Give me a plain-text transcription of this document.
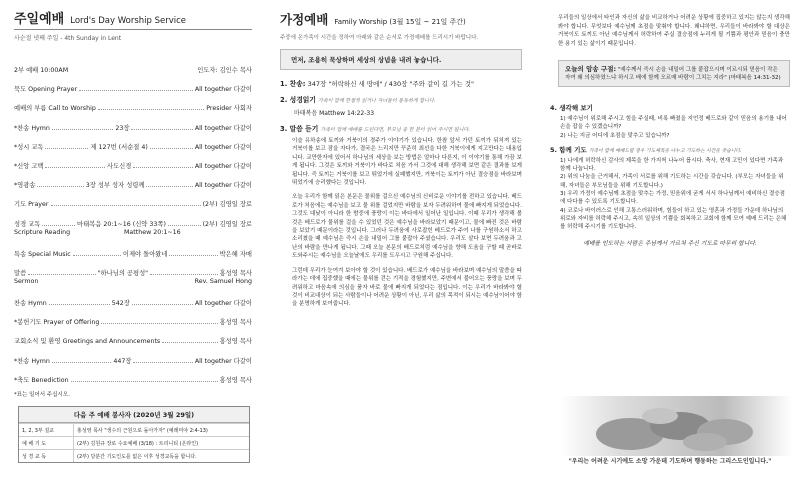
주일예배 Lord's Day Worship Service
사순절 넷째 주일 - 4th Sunday in Lent
2부 예배 10:00AM	인도자: 김인수 목사
묵도 Opening Prayer	All together 다같이
예배의 부름 Call to Worship	Presider 사회자
*찬송 Hymn	23장	All together 다같이
*성시 교독	제 127번 (서순절 4)	All together 다같이
*신앙 고백	사도신경	All together 다같이
*영광송	3장 성부 성자 성령께	All together 다같이
기도 Prayer	(2부) 김영일 장로
성경 교독	마태복음 20:1~16 (신약 33쪽)	(2부) 김영일 장로
Scripture Reading	Matthew 20:1~16
특송 Special Music	이제야 돌아왔네	박은혜 자매
말씀	"하나님의 공평성"	홍성영 목사
Sermon	Rev. Samuel Hong
찬송 Hymn	542장	All together 다같이
*봉헌기도 Prayer of Offering	홍성영 목사
교회소식 및 환영 Greetings and Announcements	홍성영 목사
*찬송 Hymn	447장	All together 다같이
*축도 Benediction	홍성영 목사
*표는 일어서 주십시오.
다음 주 예배 봉사자 (2020년 3월 29일)
1, 2, 3부 설교	홍성영 목사 "생수의 근원으로 돌아가자" (예레미야 2:4-13)
예 배 기 도	(2부) 김원규 장로 수요예배 (3/18) : 트리니티 (온라인)
성 경 교 독	(2부) 당분간 기도인도를 없은 이후 성경교독을 합니다.
가정예배 Family Worship (3월 15일 ~ 21일 주간)
주중에 온가족이 시간을 정하여 아래와 같은 순서로 가정예배를 드리시기 바랍니다.
먼저, 조용히 묵상하며 세상의 상념을 내려 놓습니다.
1. 찬송: 347장 "허락하신 새 땅에" / 430장 "주와 같이 길 가는 것"
2. 성경읽기 가족이 함께 한절씩 읽거나 자녀들이 봉독하게 합니다.
마태복음 Matthew 14:22-33
3. 말씀 듣기 가족이 함께 예배를 드린다면, 부모님 중 한 분이 읽어 주시면 됩니다.

이슬 유하송에 토끼와 거북이의 경주가 이야기가 있습니다. 한참 앞서 가던 토끼가 뒤처져 있는 거북이를 보고 잠을 자다가, 결국은 느리지만 꾸준히 최선을 다한 거북이에게 지고만다는 내용입니다. 교만한자에 있어서 하나님의 세상을 보는 방법은 얼마나 다른지, 이 이야기를 통해 가끔 보게 됩니다. 그것은 토끼와 거북이가 바다로 처음 가서 그것에 대해 생각해 보면 같은 결과를 보게 됩니다. 즉 토끼는 거북이를 보고 뛰었기에 실패했지만, 거북이는 토끼가 아닌 결승점을 바라보며 뛰었기에 승리했다는 것입니다.

오늘 우리가 함께 읽은 본문은 물위를 걸으신 예수님의 신비로운 이야기를 전하고 있습니다. 베드로가 처음에는 예수님을 보고 물 위를 걸었지만 바람을 보자 두려워하여 물에 빠지게 되었습니다. 그것도 대낮이 아니라 한 밤중에 풍랑이 이는 바다에서 일어난 일입니다. 이때 우리가 생각해 볼 것은 베드로가 물위를 걸을 수 있었던 것은 예수님을 바라보았기 때문이고, 물에 빠진 것은 바람을 보았기 때문이라는 것입니다. 그러나 두려움에 사로잡힌 베드로가 주여 나를 구원하소서 하고 소리쳤을 때 예수님은 즉시 손을 내밀어 그를 붙잡아 주셨습니다. 우리도 살다 보면 두려움과 고난의 바람을 만나게 됩니다. 그때 오늘 본문의 베드로처럼 예수님을 향해 도움을 구할 때 곧바로 도와주시는 예수님을 오늘날에도 우리를 도우시고 구원해 주십니다.

그런데 우리가 눈여겨 보아야 할 것이 있습니다. 베드로가 예수님을 바라보며 예수님의 말씀을 따라가는 데에 집중했을 때에는 물위를 걷는 기적을 경험했지만, 주변에서 불어오는 풍랑을 보며 두려워하고 마음속에 의심을 품자 바로 물에 빠지게 되었다는 점입니다. 이는 우리가 바라봐야 할 것이 비교대상이 되는 사람들이나 어려운 상황이 아닌, 우리 삶의 목적이 되시는 예수님이어야 함을 분명하게 보여줍니다.

우리들의 일상에서 타인과 자신의 삶을 비교하거나 어려운 상황에 집중하고 있지는 않는지 생각해 봐야 합니다. 무엇보다 예수님께 초점을 맞춰야 합니다. 왜냐하면, 우리들이 바라봐야 할 대상은 거북이도 토끼도 아닌 예수님께서 허락하여 주실 결승점에 누리게 될 기쁨과 평안과 믿음이 충만한 용기 있는 삶이기 때문입니다.

오늘의 암송 구절: "예수께서 즉시 손을 내밀어 그를 붙잡으시며 이르시되 믿음이 작은 자여 왜 의심하였느냐 하시고 배에 함께 오르매 바람이 그치는 지라" (마태복음 14:31-32)
4. 생각해 보기

1) 예수님이 위로해 주시고 힘을 주실때, 비록 빠졌을 지언정 베드로와 같이 믿음의 용기를 내어 손을 잡을 수 있겠습니까?

2) 나는 지금 어디에 초점을 맞추고 있습니까?

5. 함께 기도 가족이 함께 예배드릴 경우 기도제목을 나누고 기도하는 시간을 갖습니다.

1) 나에게 허락하신 감사의 제목을 한 가지씩 나누어 봅시다. 축사, 현재 고민이 있다면 가족과 함께 나눕니다.

2) 위의 나눔을 근거해서, 가족이 서로를 위해 기도하는 시간을 갖습니다. (부모는 자녀들을 위해, 자녀들은 부모님들을 위해 기도합니다.)

3) 우리 가정이 예수님께 초점을 맞추는 가정, 믿음위에 굳게 서서 하나님께서 예비하신 결승점에 다다를 수 있도록 기도합니다.

4) 코로나 바이러스로 인해 고통스러워하며, 힘들어 하고 있는 영혼과 가정들 가운데 하나님의 위로와 자비를 허락해 주시고, 속히 일상의 기쁨을 회복하고 교회에 함께 모여 예배 드리는 은혜를 허락해 주시기를 기도합니다.

예배를 인도하는 사람은 주님께서 가르쳐 주신 기도로 마무리 합니다.

"우리는 어려운 시기에도 소망 가운데 기도하며 행동하는 그리스도인입니다."
